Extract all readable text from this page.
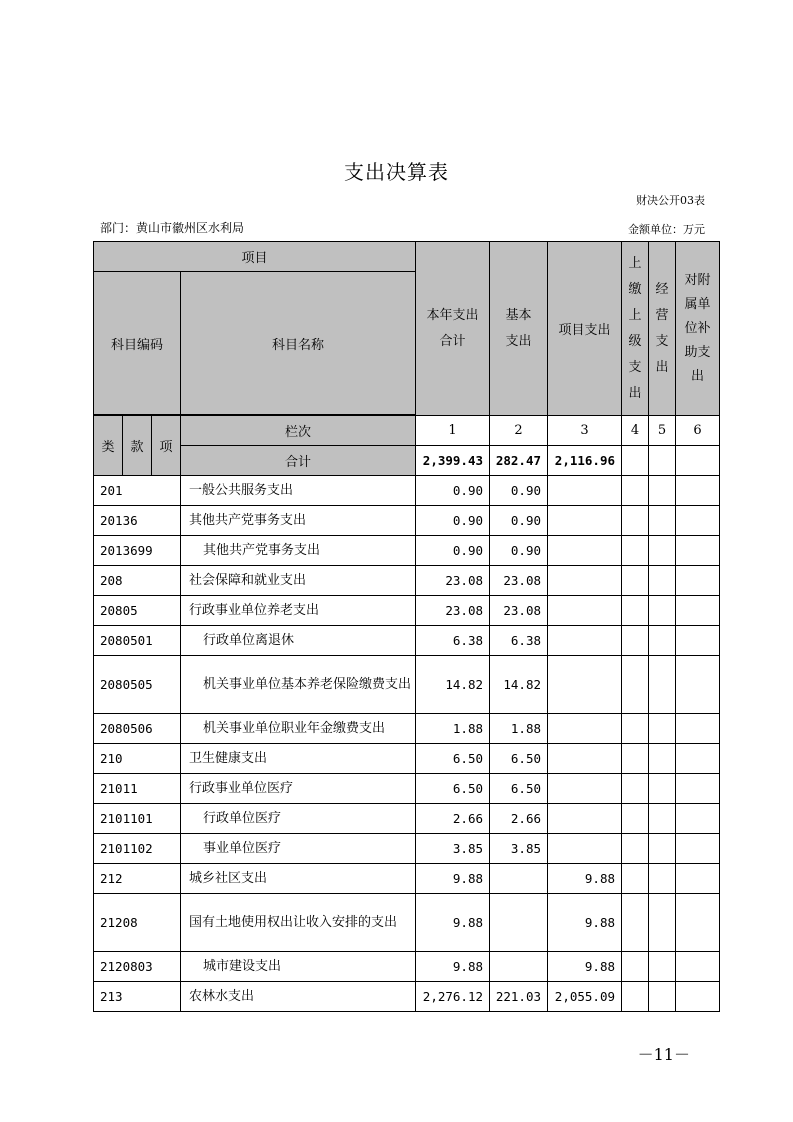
支出决算表
财决公开03表
部门：黄山市徽州区水利局	金额单位：万元
项目				本年支出合计	基本支出	项目支出	上缴上级支出	经营支出	对附属单位补助支出

科目编码			科目名称						

类	款	项	栏次	1	2	3	4	5	6
			合计	2,399.43	282.47	2,116.96			
201			一般公共服务支出	0.90	0.90				
20136			其他共产党事务支出	0.90	0.90				
2013699			其他共产党事务支出	0.90	0.90				
208			社会保障和就业支出	23.08	23.08				
20805			行政事业单位养老支出	23.08	23.08				
2080501			行政单位离退休	6.38	6.38				
2080505			机关事业单位基本养老保险缴费支出	14.82	14.82				
2080506			机关事业单位职业年金缴费支出	1.88	1.88				
210			卫生健康支出	6.50	6.50				
21011			行政事业单位医疗	6.50	6.50				
2101101			行政单位医疗	2.66	2.66				
2101102			事业单位医疗	3.85	3.85				
212			城乡社区支出	9.88		9.88			
21208			国有土地使用权出让收入安排的支出	9.88		9.88			
2120803			城市建设支出	9.88		9.88			
213			农林水支出	2,276.12	221.03	2,055.09			
－11－
